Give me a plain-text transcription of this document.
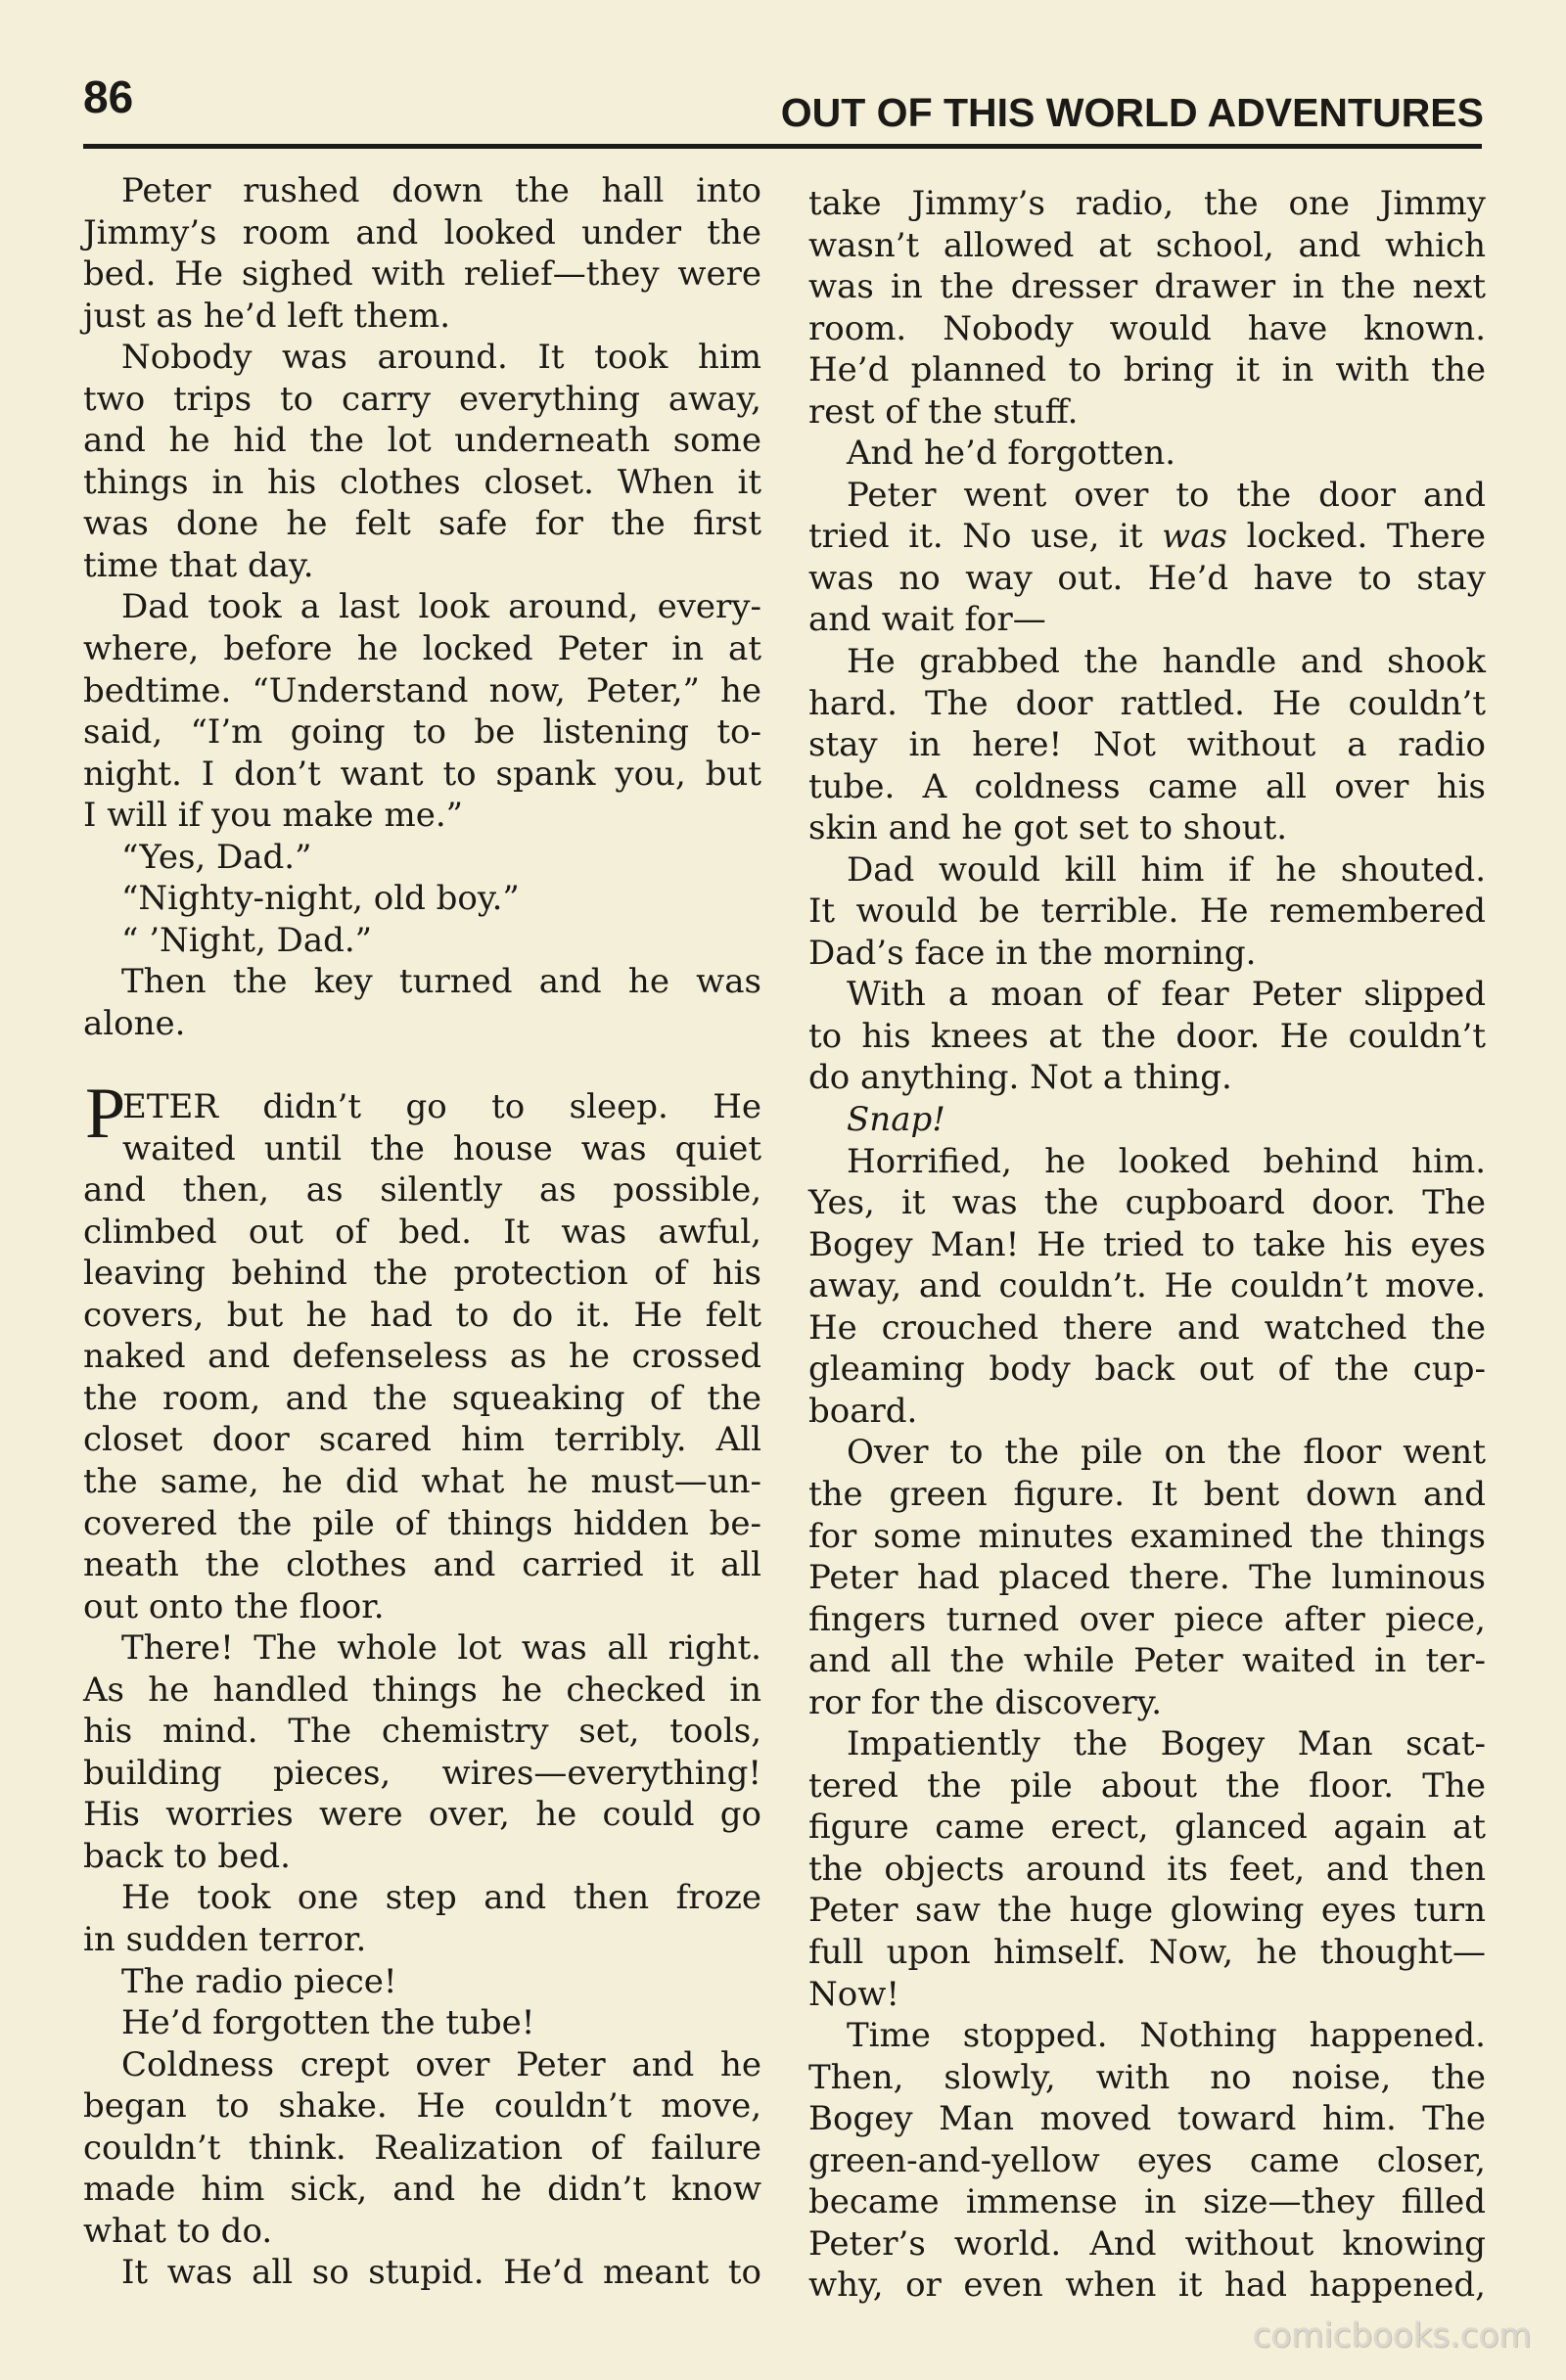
86	OUT OF THIS WORLD ADVENTURES
Peter rushed down the hall into
Jimmy’s room and looked under the
bed. He sighed with relief—they were
just as he’d left them.
Nobody was around. It took him
two trips to carry everything away,
and he hid the lot underneath some
things in his clothes closet. When it
was done he felt safe for the first
time that day.
Dad took a last look around, every-
where, before he locked Peter in at
bedtime. “Understand now, Peter,” he
said, “I’m going to be listening to-
night. I don’t want to spank you, but
I will if you make me.”
“Yes, Dad.”
“Nighty-night, old boy.”
“ ’Night, Dad.”
Then the key turned and he was
alone.
P
ETER didn’t go to sleep. He
waited until the house was quiet
and then, as silently as possible,
climbed out of bed. It was awful,
leaving behind the protection of his
covers, but he had to do it. He felt
naked and defenseless as he crossed
the room, and the squeaking of the
closet door scared him terribly. All
the same, he did what he must—un-
covered the pile of things hidden be-
neath the clothes and carried it all
out onto the floor.
There! The whole lot was all right.
As he handled things he checked in
his mind. The chemistry set, tools,
building pieces, wires—everything!
His worries were over, he could go
back to bed.
He took one step and then froze
in sudden terror.
The radio piece!
He’d forgotten the tube!
Coldness crept over Peter and he
began to shake. He couldn’t move,
couldn’t think. Realization of failure
made him sick, and he didn’t know
what to do.
It was all so stupid. He’d meant to
take Jimmy’s radio, the one Jimmy
wasn’t allowed at school, and which
was in the dresser drawer in the next
room. Nobody would have known.
He’d planned to bring it in with the
rest of the stuff.
And he’d forgotten.
Peter went over to the door and
tried it. No use, it was locked. There
was no way out. He’d have to stay
and wait for—
He grabbed the handle and shook
hard. The door rattled. He couldn’t
stay in here! Not without a radio
tube. A coldness came all over his
skin and he got set to shout.
Dad would kill him if he shouted.
It would be terrible. He remembered
Dad’s face in the morning.
With a moan of fear Peter slipped
to his knees at the door. He couldn’t
do anything. Not a thing.
Snap!
Horrified, he looked behind him.
Yes, it was the cupboard door. The
Bogey Man! He tried to take his eyes
away, and couldn’t. He couldn’t move.
He crouched there and watched the
gleaming body back out of the cup-
board.
Over to the pile on the floor went
the green figure. It bent down and
for some minutes examined the things
Peter had placed there. The luminous
fingers turned over piece after piece,
and all the while Peter waited in ter-
ror for the discovery.
Impatiently the Bogey Man scat-
tered the pile about the floor. The
figure came erect, glanced again at
the objects around its feet, and then
Peter saw the huge glowing eyes turn
full upon himself. Now, he thought—
Now!
Time stopped. Nothing happened.
Then, slowly, with no noise, the
Bogey Man moved toward him. The
green-and-yellow eyes came closer,
became immense in size—they filled
Peter’s world. And without knowing
why, or even when it had happened,
comicbooks.com
